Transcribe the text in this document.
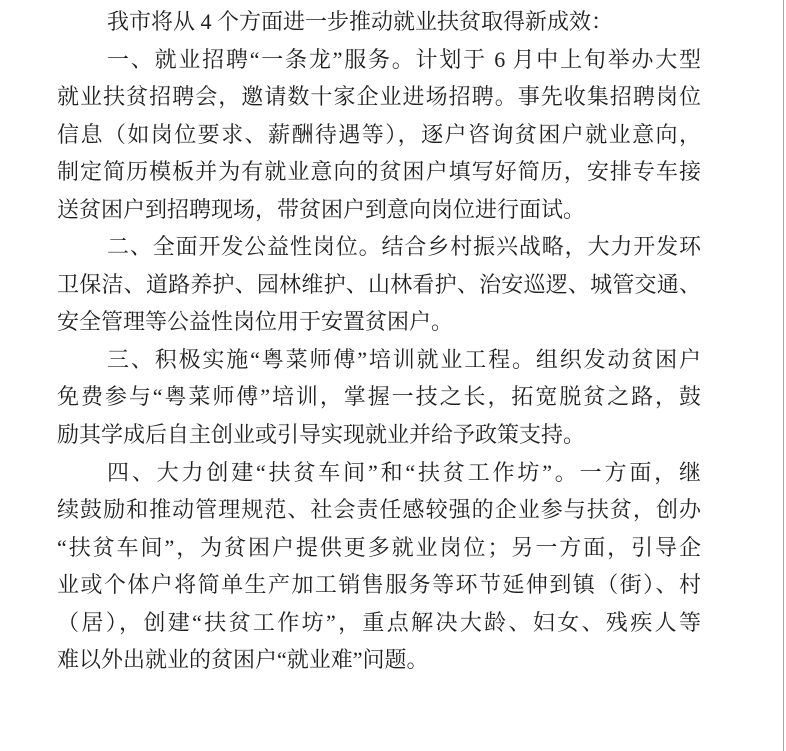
我市将从 4 个方面进一步推动就业扶贫取得新成效：
一、就业招聘“一条龙”服务。计划于 6 月中上旬举办大型
就业扶贫招聘会，邀请数十家企业进场招聘。事先收集招聘岗位
信息（如岗位要求、薪酬待遇等），逐户咨询贫困户就业意向，
制定简历模板并为有就业意向的贫困户填写好简历，安排专车接
送贫困户到招聘现场，带贫困户到意向岗位进行面试。
二、全面开发公益性岗位。结合乡村振兴战略，大力开发环
卫保洁、道路养护、园林维护、山林看护、治安巡逻、城管交通、
安全管理等公益性岗位用于安置贫困户。
三、积极实施“粤菜师傅”培训就业工程。组织发动贫困户
免费参与“粤菜师傅”培训，掌握一技之长，拓宽脱贫之路，鼓
励其学成后自主创业或引导实现就业并给予政策支持。
四、大力创建“扶贫车间”和“扶贫工作坊”。一方面，继
续鼓励和推动管理规范、社会责任感较强的企业参与扶贫，创办
“扶贫车间”，为贫困户提供更多就业岗位；另一方面，引导企
业或个体户将简单生产加工销售服务等环节延伸到镇（街）、村
（居），创建“扶贫工作坊”，重点解决大龄、妇女、残疾人等
难以外出就业的贫困户“就业难”问题。
